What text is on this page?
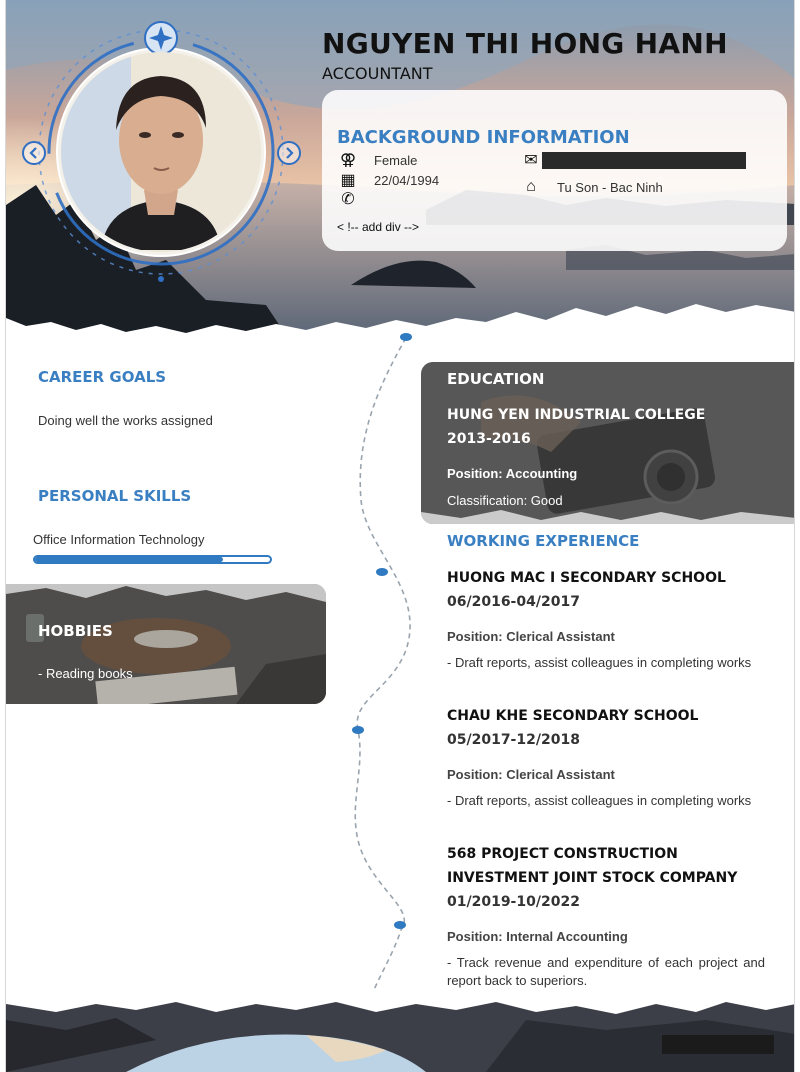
NGUYEN THI HONG HANH
ACCOUNTANT
BACKGROUND INFORMATION
⚢ Female
▦ 22/04/1994
✆
✉
⌂	Tu Son - Bac Ninh
< !-- add div -->
CAREER GOALS
Doing well the works assigned
PERSONAL SKILLS
Office Information Technology
HOBBIES
- Reading books
EDUCATION
HUNG YEN INDUSTRIAL COLLEGE
2013-2016
Position: Accounting
Classification: Good
WORKING EXPERIENCE
HUONG MAC I SECONDARY SCHOOL
06/2016-04/2017
Position: Clerical Assistant
- Draft reports, assist colleagues in completing works
CHAU KHE SECONDARY SCHOOL
05/2017-12/2018
Position: Clerical Assistant
- Draft reports, assist colleagues in completing works
568 PROJECT CONSTRUCTION
INVESTMENT JOINT STOCK COMPANY
01/2019-10/2022
Position: Internal Accounting
- Track revenue and expenditure of each project and report back to superiors.
